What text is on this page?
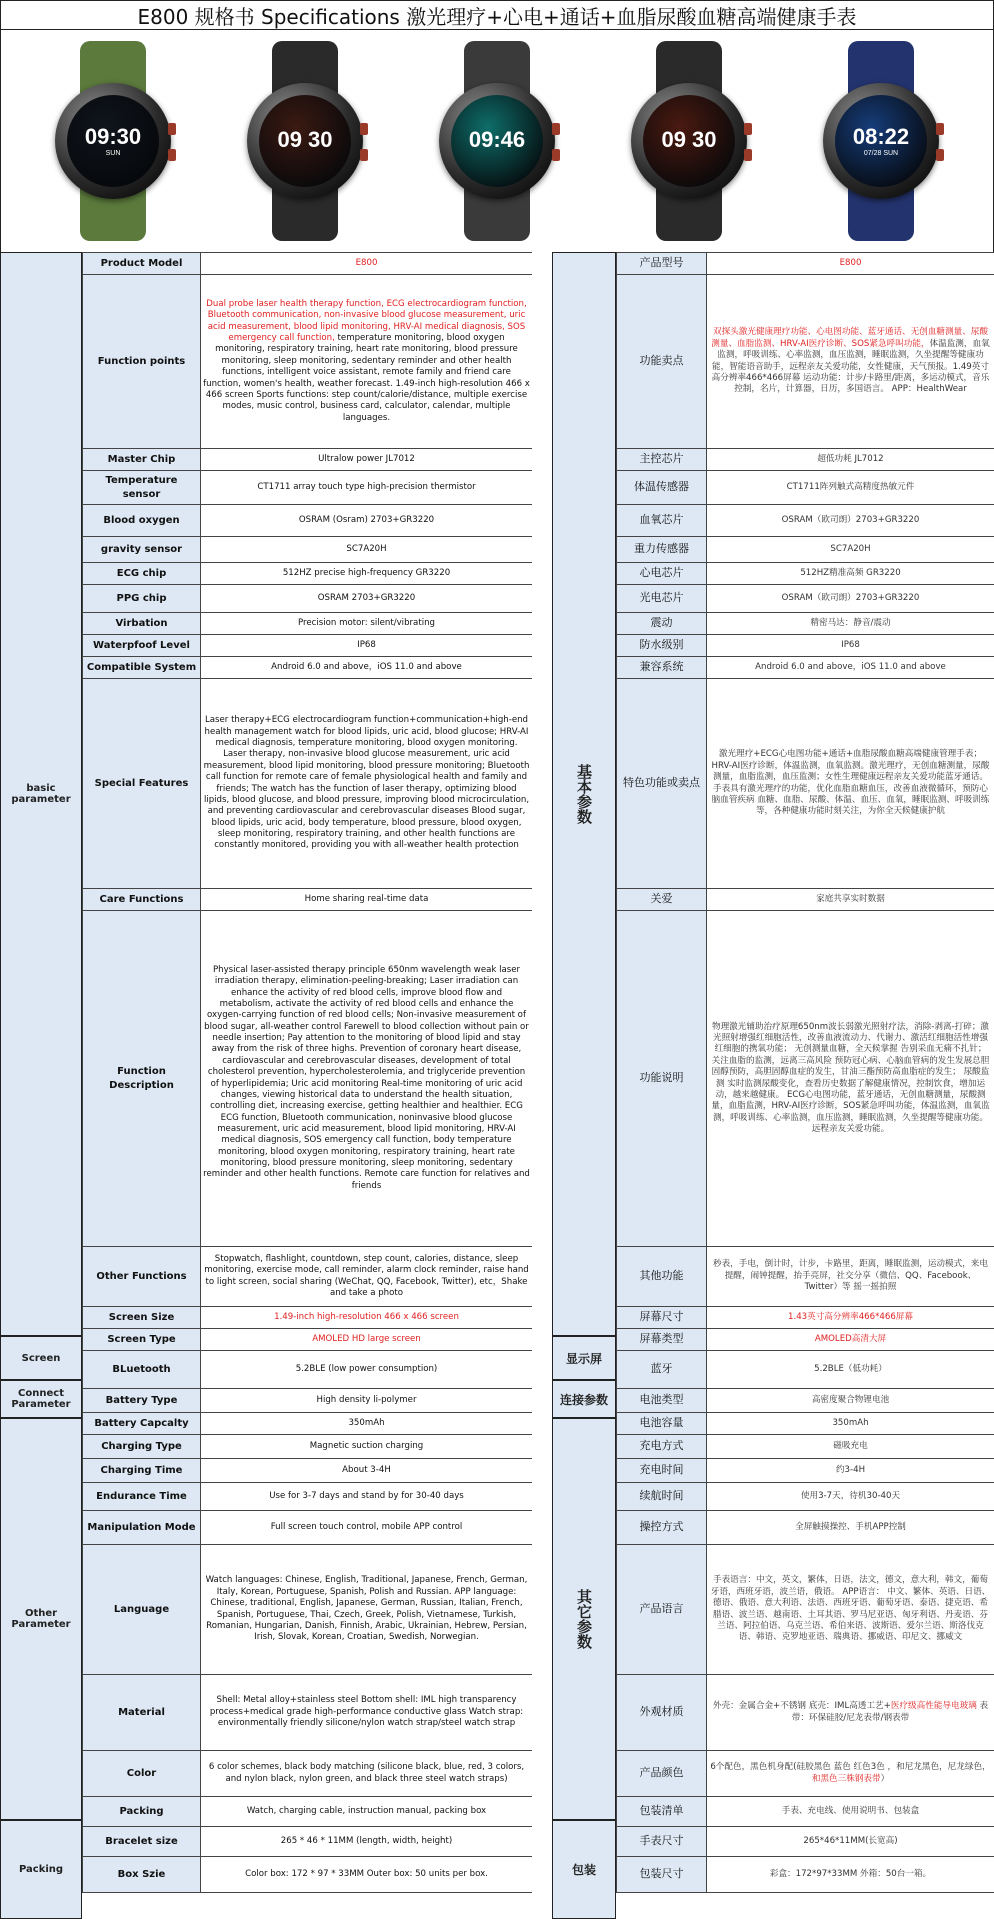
E800 规格书 Specifications 激光理疗+心电+通话+血脂尿酸血糖高端健康手表
09:30
SUN
09 30	09:46	09 30	08:22
07/28 SUN
basic parameter
Screen
Connect Parameter
Other Parameter
Packing
Product Model	E800
Function points	Dual probe laser health therapy function, ECG electrocardiogram function, Bluetooth communication, non-invasive blood glucose measurement, uric acid measurement, blood lipid monitoring, HRV-AI medical diagnosis, SOS emergency call function, temperature monitoring, blood oxygen monitoring, respiratory training, heart rate monitoring, blood pressure monitoring, sleep monitoring, sedentary reminder and other health functions, intelligent voice assistant, remote family and friend care function, women's health, weather forecast. 1.49-inch high-resolution 466 x 466 screen Sports functions: step count/calorie/distance, multiple exercise modes, music control, business card, calculator, calendar, multiple languages.
Master Chip	Ultralow power JL7012
Temperature sensor	CT1711 array touch type high-precision thermistor
Blood oxygen	OSRAM (Osram) 2703+GR3220
gravity sensor	SC7A20H
ECG chip	512HZ precise high-frequency GR3220
PPG chip	OSRAM 2703+GR3220
Virbation	Precision motor: silent/vibrating
Waterpfoof Level	IP68
Compatible System	Android 6.0 and above，iOS 11.0 and above
Special Features	Laser therapy+ECG electrocardiogram function+communication+high-end health management watch for blood lipids, uric acid, blood glucose; HRV-AI medical diagnosis, temperature monitoring, blood oxygen monitoring. Laser therapy, non-invasive blood glucose measurement, uric acid measurement, blood lipid monitoring, blood pressure monitoring; Bluetooth call function for remote care of female physiological health and family and friends; The watch has the function of laser therapy, optimizing blood lipids, blood glucose, and blood pressure, improving blood microcirculation, and preventing cardiovascular and cerebrovascular diseases Blood sugar, blood lipids, uric acid, body temperature, blood pressure, blood oxygen, sleep monitoring, respiratory training, and other health functions are constantly monitored, providing you with all-weather health protection
Care Functions	Home sharing real-time data
Function Description	Physical laser-assisted therapy principle 650nm wavelength weak laser irradiation therapy, elimination-peeling-breaking; Laser irradiation can enhance the activity of red blood cells, improve blood flow and metabolism, activate the activity of red blood cells and enhance the oxygen-carrying function of red blood cells; Non-invasive measurement of blood sugar, all-weather control Farewell to blood collection without pain or needle insertion; Pay attention to the monitoring of blood lipid and stay away from the risk of three highs. Prevention of coronary heart disease, cardiovascular and cerebrovascular diseases, development of total cholesterol prevention, hypercholesterolemia, and triglyceride prevention of hyperlipidemia; Uric acid monitoring Real-time monitoring of uric acid changes, viewing historical data to understand the health situation, controlling diet, increasing exercise, getting healthier and healthier. ECG ECG function, Bluetooth communication, noninvasive blood glucose measurement, uric acid measurement, blood lipid monitoring, HRV-AI medical diagnosis, SOS emergency call function, body temperature monitoring, blood oxygen monitoring, respiratory training, heart rate monitoring, blood pressure monitoring, sleep monitoring, sedentary reminder and other health functions. Remote care function for relatives and friends
Other Functions	Stopwatch, flashlight, countdown, step count, calories, distance, sleep monitoring, exercise mode, call reminder, alarm clock reminder, raise hand to light screen, social sharing (WeChat, QQ, Facebook, Twitter), etc，Shake and take a photo
Screen Size	1.49-inch high-resolution 466 x 466 screen
Screen Type	AMOLED HD large screen
BLuetooth	5.2BLE (low power consumption)
Battery Type	High density li-polymer
Battery Capcalty	350mAh
Charging Type	Magnetic suction charging
Charging Time	About 3-4H
Endurance Time	Use for 3-7 days and stand by for 30-40 days
Manipulation Mode	Full screen touch control, mobile APP control
Language	Watch languages: Chinese, English, Traditional, Japanese, French, German, Italy, Korean, Portuguese, Spanish, Polish and Russian. APP language: Chinese, traditional, English, Japanese, German, Russian, Italian, French, Spanish, Portuguese, Thai, Czech, Greek, Polish, Vietnamese, Turkish, Romanian, Hungarian, Danish, Finnish, Arabic, Ukrainian, Hebrew, Persian, Irish, Slovak, Korean, Croatian, Swedish, Norwegian.
Material	Shell: Metal alloy+stainless steel Bottom shell: IML high transparency process+medical grade high-performance conductive glass Watch strap: environmentally friendly silicone/nylon watch strap/steel watch strap
Color	6 color schemes, black body matching (silicone black, blue, red, 3 colors, and nylon black, nylon green, and black three steel watch straps)
Packing	Watch, charging cable, instruction manual, packing box
Bracelet size	265 * 46 * 11MM (length, width, height)
Box Szie	Color box: 172 * 97 * 33MM Outer box: 50 units per box.
基本参数
显示屏
连接参数
其它参数
包装
产品型号	E800
功能卖点	双探头激光健康理疗功能、心电图功能、蓝牙通话、无创血糖测量、尿酸测量、血脂监测、HRV-AI医疗诊断、SOS紧急呼叫功能，体温监测，血氧监测，呼吸训练、心率监测，血压监测，睡眠监测，久坐提醒等健康功能，智能语音助手，远程亲友关爱功能，女性健康，天气预报。1.49英寸高分辨率466*466屏幕 运动功能：计步/卡路里/距离，多运动模式，音乐控制，名片，计算器，日历，多国语言。 APP：HealthWear
主控芯片	超低功耗 JL7012
体温传感器	CT1711阵列触式高精度热敏元件
血氧芯片	OSRAM（欧司朗）2703+GR3220
重力传感器	SC7A20H
心电芯片	512HZ精准高频 GR3220
光电芯片	OSRAM（欧司朗）2703+GR3220
震动	精密马达：静音/震动
防水级别	IP68
兼容系统	Android 6.0 and above，iOS 11.0 and above
特色功能或卖点	激光理疗+ECG心电图功能+通话+血脂尿酸血糖高端健康管理手表；HRV-AI医疗诊断，体温监测，血氧监测。激光理疗，无创血糖测量，尿酸测量，血脂监测，血压监测；女性生理健康远程亲友关爱功能蓝牙通话。 手表具有激光理疗的功能，优化血脂血糖血压，改善血液微循环，预防心脑血管疾病 血糖、血脂、尿酸、体温、血压、血氧，睡眠监测、呼吸训练等，各种健康功能时刻关注，为你全天候健康护航
关爱	家庭共享实时数据
功能说明	物理激光辅助治疗原理650nm波长弱激光照射疗法，消除-剥离-打碎；激光照射增强红细胞活性，改善血液流动力、代谢力、激活红细胞活性增强红细胞的携氧功能； 无创测量血糖，全天候掌握 告别采血无痛不扎针； 关注血脂的监测，远离三高风险 预防冠心病、心脑血管病的发生发展总胆固醇预防，高胆固醇血症的发生，甘油三酯预防高血脂症的发生； 尿酸监测 实时监测尿酸变化，查看历史数据了解健康情况，控制饮食，增加运动，越来越健康。 ECG心电图功能，蓝牙通话，无创血糖测量，尿酸测量，血脂监测，HRV-AI医疗诊断，SOS紧急呼叫功能，体温监测，血氧监测，呼吸训练、心率监测，血压监测，睡眠监测，久坐提醒等健康功能。 远程亲友关爱功能。
其他功能	秒表，手电，倒计时，计步，卡路里，距离，睡眠监测，运动模式，来电提醒，闹钟提醒，抬手亮屏，社交分享（微信、QQ、Facebook、Twitter）等 摇一摇拍照
屏幕尺寸	1.43英寸高分辨率466*466屏幕
屏幕类型	AMOLED高清大屏
蓝牙	5.2BLE（低功耗）
电池类型	高密度聚合物锂电池
电池容量	350mAh
充电方式	磁吸充电
充电时间	约3-4H
续航时间	使用3-7天，待机30-40天
操控方式	全屏触摸操控、手机APP控制
产品语言	手表语言：中文，英文，繁体，日语，法文，德文，意大利，韩文，葡萄牙语，西班牙语，波兰语，俄语。 APP语言： 中文、繁体、英语、日语、德语、俄语、意大利语、法语、西班牙语、葡萄牙语、泰语、捷克语、希腊语、波兰语、越南语、土耳其语、罗马尼亚语、匈牙利语、丹麦语、芬兰语、阿拉伯语、乌克兰语、希伯来语、波斯语、爱尔兰语、斯洛伐克语、韩语、克罗地亚语、瑞典语、挪威语、印尼文、挪威文
外观材质	外壳：金属合金+不锈钢 底壳：IML高透工艺+医疗级高性能导电玻璃 表带：环保硅胶/尼龙表带/钢表带
产品颜色	6个配色，黑色机身配(硅胶黑色 蓝色 红色3色 ，和尼龙黑色，尼龙绿色，和黑色三株钢表带）
包装清单	手表、充电线、使用说明书、包装盒
手表尺寸	265*46*11MM(长宽高)
包装尺寸	彩盒：172*97*33MM 外箱：50台一箱。
